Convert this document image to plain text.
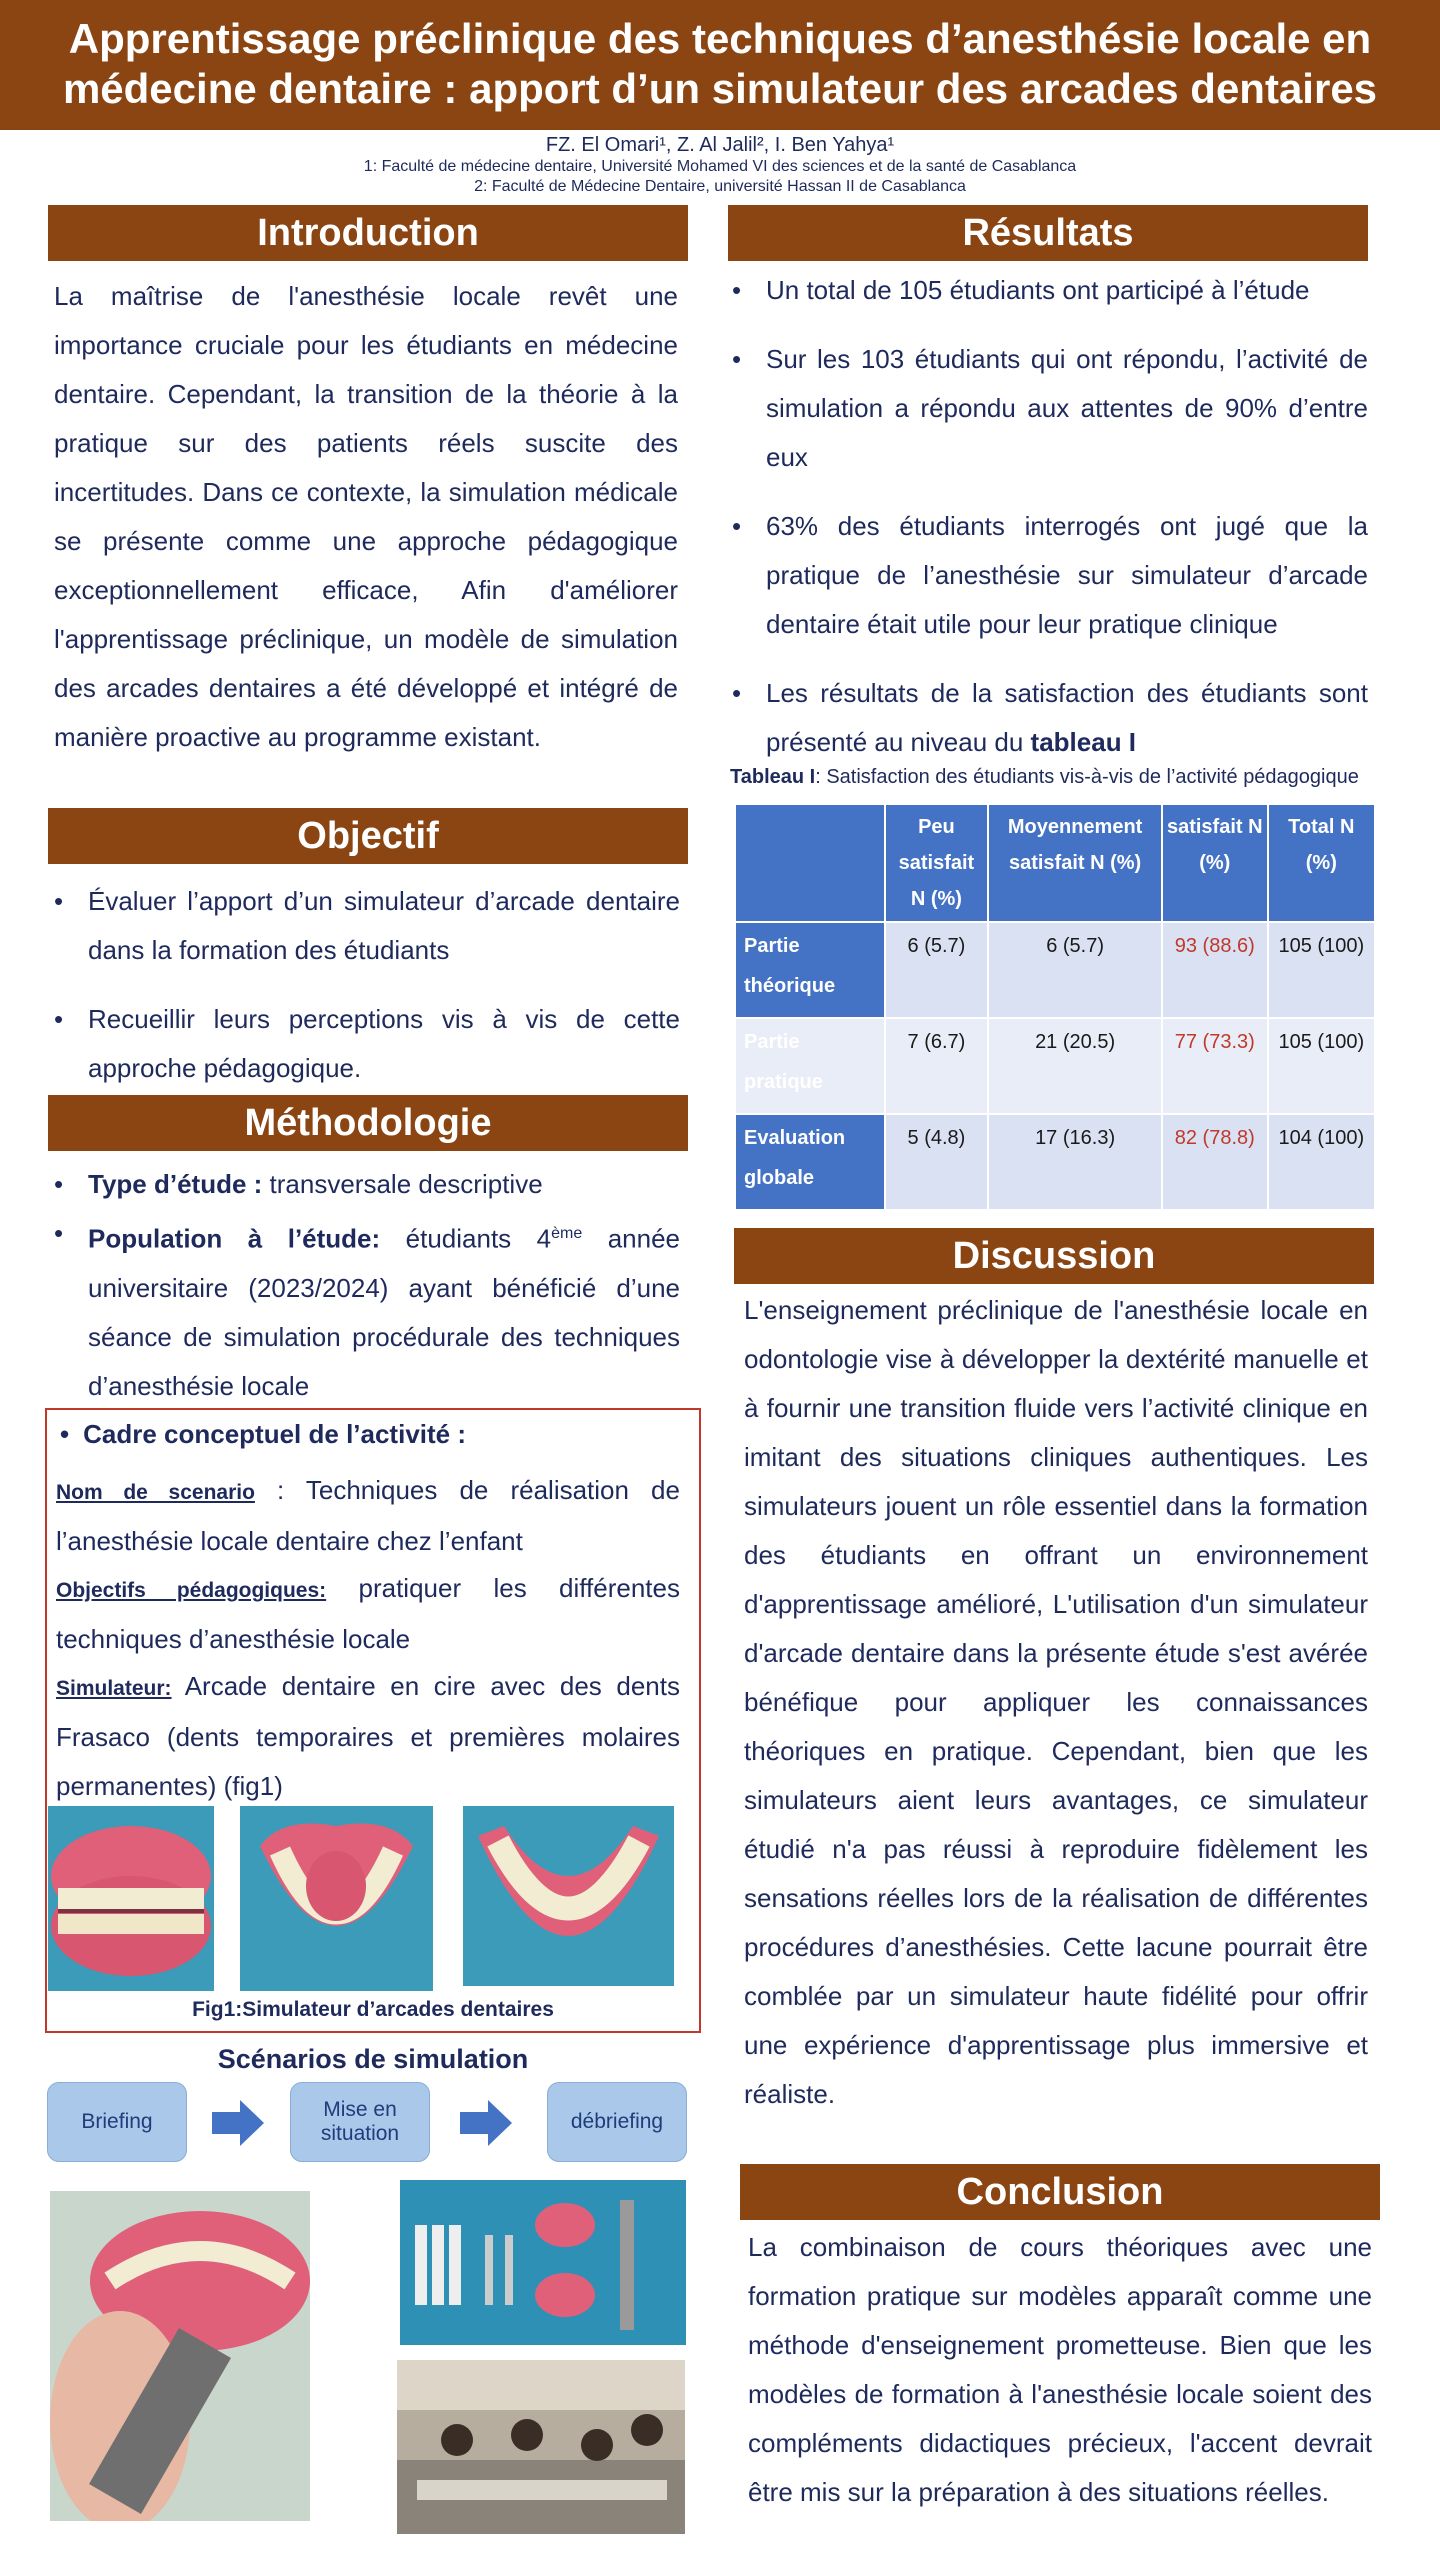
Apprentissage préclinique des techniques d’anesthésie locale en
médecine dentaire : apport d’un simulateur des arcades dentaires
FZ. El Omari¹, Z. Al Jalil², I. Ben Yahya¹
1: Faculté de médecine dentaire, Université Mohamed VI des sciences et de la santé de Casablanca
2: Faculté de Médecine Dentaire, université Hassan II de Casablanca
Introduction
La maîtrise de l'anesthésie locale revêt une importance cruciale pour les étudiants en médecine dentaire. Cependant, la transition de la théorie à la pratique sur des patients réels suscite des incertitudes. Dans ce contexte, la simulation médicale se présente comme une approche pédagogique exceptionnellement efficace, Afin d'améliorer l'apprentissage préclinique, un modèle de simulation des arcades dentaires a été développé et intégré de manière proactive au programme existant.
Objectif
• Évaluer l’apport d’un simulateur d’arcade dentaire dans la formation des étudiants
• Recueillir leurs perceptions vis à vis de cette approche pédagogique.
Méthodologie
• Type d’étude : transversale descriptive
• Population à l’étude: étudiants 4ème année universitaire (2023/2024) ayant bénéficié d’une séance de simulation procédurale des techniques d’anesthésie locale
• Cadre conceptuel de l’activité :
Nom de scenario : Techniques de réalisation de l’anesthésie locale dentaire chez l’enfant
Objectifs pédagogiques: pratiquer les différentes techniques d’anesthésie locale
Simulateur: Arcade dentaire en cire avec des dents Frasaco (dents temporaires et premières molaires permanentes) (fig1)
Fig1:Simulateur d’arcades dentaires
Scénarios de simulation
Briefing
Mise en situation
débriefing
Résultats
• Un total de 105 étudiants ont participé à l’étude
• Sur les 103 étudiants qui ont répondu, l’activité de simulation a répondu aux attentes de 90% d’entre eux
• 63% des étudiants interrogés ont jugé que la pratique de l’anesthésie sur simulateur d’arcade dentaire était utile pour leur pratique clinique
• Les résultats de la satisfaction des étudiants sont présenté au niveau du tableau I
Tableau I: Satisfaction des étudiants vis-à-vis de l’activité pédagogique
	Peu satisfait N (%)	Moyennement satisfait N (%)	satisfait N (%)	Total N (%)
Partie théorique	6 (5.7)	6 (5.7)	93 (88.6)	105 (100)
Partie pratique	7 (6.7)	21 (20.5)	77 (73.3)	105 (100)
Evaluation globale	5 (4.8)	17 (16.3)	82 (78.8)	104 (100)
Discussion
L'enseignement préclinique de l'anesthésie locale en odontologie vise à développer la dextérité manuelle et à fournir une transition fluide vers l’activité clinique en imitant des situations cliniques authentiques. Les simulateurs jouent un rôle essentiel dans la formation des étudiants en offrant un environnement d'apprentissage amélioré, L'utilisation d'un simulateur d'arcade dentaire dans la présente étude s'est avérée bénéfique pour appliquer les connaissances théoriques en pratique. Cependant, bien que les simulateurs aient leurs avantages, ce simulateur étudié n'a pas réussi à reproduire fidèlement les sensations réelles lors de la réalisation de différentes procédures d’anesthésies. Cette lacune pourrait être comblée par un simulateur haute fidélité pour offrir une expérience d'apprentissage plus immersive et réaliste.
Conclusion
La combinaison de cours théoriques avec une formation pratique sur modèles apparaît comme une méthode d'enseignement prometteuse. Bien que les modèles de formation à l'anesthésie locale soient des compléments didactiques précieux, l'accent devrait être mis sur la préparation à des situations réelles.
